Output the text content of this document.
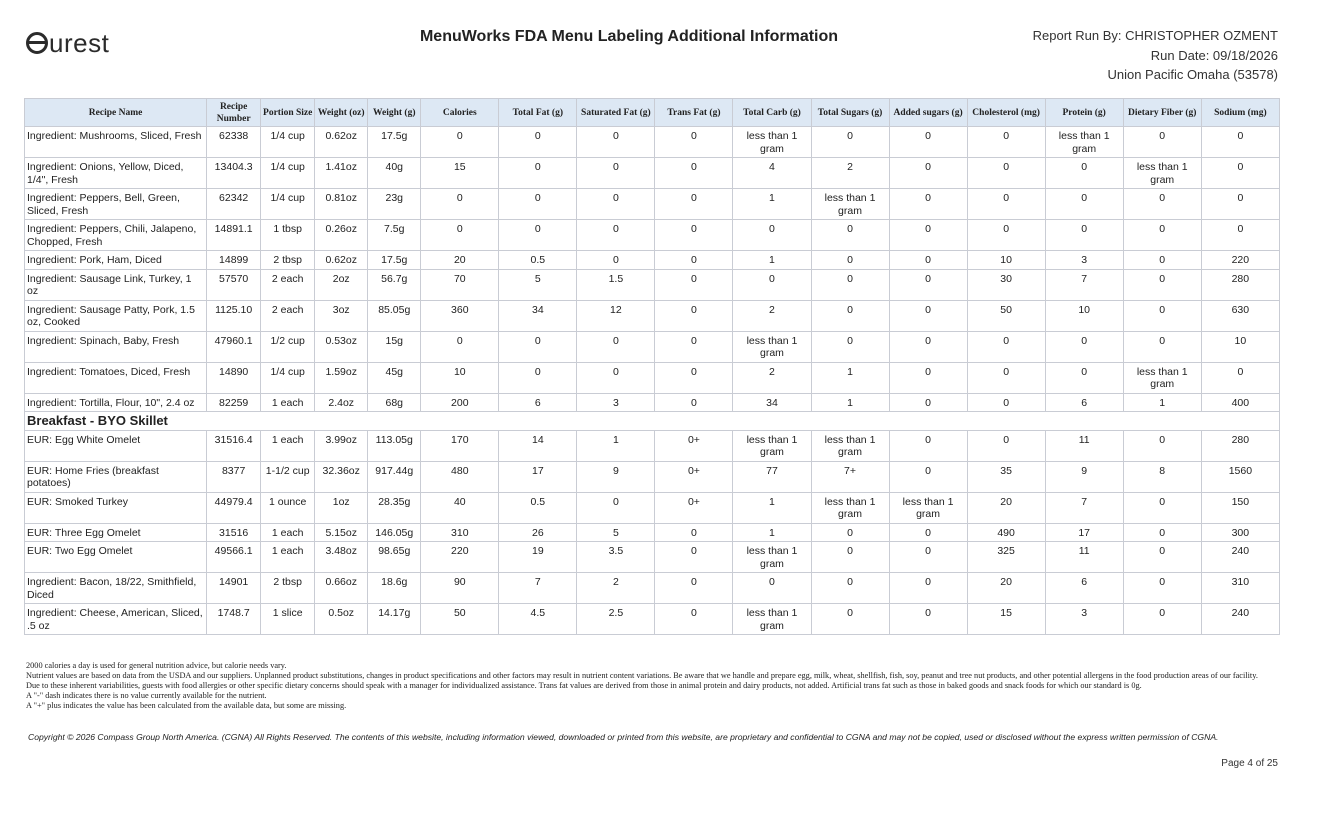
urest	MenuWorks FDA Menu Labeling Additional Information	Report Run By: CHRISTOPHER OZMENT
Run Date: 09/18/2026
Union Pacific Omaha (53578)
Recipe Name	Recipe Number	Portion Size	Weight (oz)	Weight (g)	Calories	Total Fat (g)	Saturated Fat (g)	Trans Fat (g)	Total Carb (g)	Total Sugars (g)	Added sugars (g)	Cholesterol (mg)	Protein (g)	Dietary Fiber (g)	Sodium (mg)
Ingredient: Mushrooms, Sliced, Fresh	62338	1/4 cup	0.62oz	17.5g	0	0	0	0	less than 1 gram	0	0	0	less than 1 gram	0	0
Ingredient: Onions, Yellow, Diced, 1/4", Fresh	13404.3	1/4 cup	1.41oz	40g	15	0	0	0	4	2	0	0	0	less than 1 gram	0
Ingredient: Peppers, Bell, Green, Sliced, Fresh	62342	1/4 cup	0.81oz	23g	0	0	0	0	1	less than 1 gram	0	0	0	0	0
Ingredient: Peppers, Chili, Jalapeno, Chopped, Fresh	14891.1	1 tbsp	0.26oz	7.5g	0	0	0	0	0	0	0	0	0	0	0
Ingredient: Pork, Ham, Diced	14899	2 tbsp	0.62oz	17.5g	20	0.5	0	0	1	0	0	10	3	0	220
Ingredient: Sausage Link, Turkey, 1 oz	57570	2 each	2oz	56.7g	70	5	1.5	0	0	0	0	30	7	0	280
Ingredient: Sausage Patty, Pork, 1.5 oz, Cooked	1125.10	2 each	3oz	85.05g	360	34	12	0	2	0	0	50	10	0	630
Ingredient: Spinach, Baby, Fresh	47960.1	1/2 cup	0.53oz	15g	0	0	0	0	less than 1 gram	0	0	0	0	0	10
Ingredient: Tomatoes, Diced, Fresh	14890	1/4 cup	1.59oz	45g	10	0	0	0	2	1	0	0	0	less than 1 gram	0
Ingredient: Tortilla, Flour, 10", 2.4 oz	82259	1 each	2.4oz	68g	200	6	3	0	34	1	0	0	6	1	400
Breakfast - BYO Skillet															
EUR: Egg White Omelet	31516.4	1 each	3.99oz	113.05g	170	14	1	0+	less than 1 gram	less than 1 gram	0	0	11	0	280
EUR: Home Fries (breakfast potatoes)	8377	1-1/2 cup	32.36oz	917.44g	480	17	9	0+	77	7+	0	35	9	8	1560
EUR: Smoked Turkey	44979.4	1 ounce	1oz	28.35g	40	0.5	0	0+	1	less than 1 gram	less than 1 gram	20	7	0	150
EUR: Three Egg Omelet	31516	1 each	5.15oz	146.05g	310	26	5	0	1	0	0	490	17	0	300
EUR: Two Egg Omelet	49566.1	1 each	3.48oz	98.65g	220	19	3.5	0	less than 1 gram	0	0	325	11	0	240
Ingredient: Bacon, 18/22, Smithfield, Diced	14901	2 tbsp	0.66oz	18.6g	90	7	2	0	0	0	0	20	6	0	310
Ingredient: Cheese, American, Sliced, .5 oz	1748.7	1 slice	0.5oz	14.17g	50	4.5	2.5	0	less than 1 gram	0	0	15	3	0	240
2000 calories a day is used for general nutrition advice, but calorie needs vary.
Nutrient values are based on data from the USDA and our suppliers. Unplanned product substitutions, changes in product specifications and other factors may result in nutrient content variations. Be aware that we handle and prepare egg, milk, wheat, shellfish, fish, soy, peanut and tree nut products, and other potential allergens in the food production areas of our facility. Due to these inherent variabilities, guests with food allergies or other specific dietary concerns should speak with a manager for individualized assistance. Trans fat values are derived from those in animal protein and dairy products, not added. Artificial trans fat such as those in baked goods and snack foods for which our standard is 0g.
A "-" dash indicates there is no value currently available for the nutrient.
A "+" plus indicates the value has been calculated from the available data, but some are missing.
Copyright © 2026 Compass Group North America. (CGNA) All Rights Reserved. The contents of this website, including information viewed, downloaded or printed from this website, are proprietary and confidential to CGNA and may not be copied, used or disclosed without the express written permission of CGNA.
Page 4 of 25
